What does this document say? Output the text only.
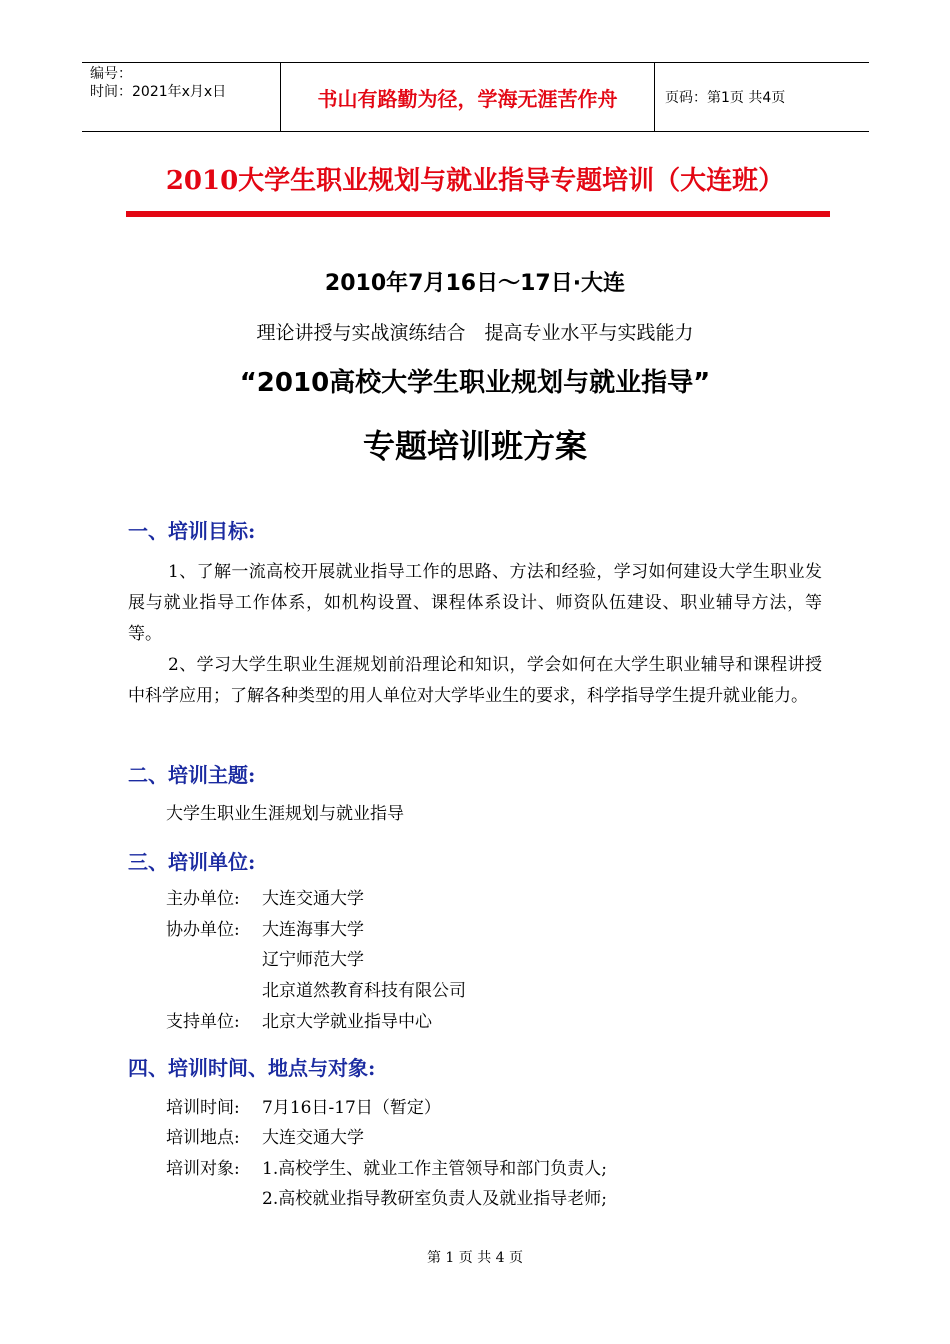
编号：
时间：2021年x月x日	书山有路勤为径，学海无涯苦作舟	页码：第1页 共4页
2010大学生职业规划与就业指导专题培训（大连班）
2010年7月16日～17日·大连
理论讲授与实战演练结合　提高专业水平与实践能力
“2010高校大学生职业规划与就业指导”
专题培训班方案
一、培训目标:
1、了解一流高校开展就业指导工作的思路、方法和经验，学习如何建设大学生职业发展与就业指导工作体系，如机构设置、课程体系设计、师资队伍建设、职业辅导方法，等等。
2、学习大学生职业生涯规划前沿理论和知识，学会如何在大学生职业辅导和课程讲授中科学应用；了解各种类型的用人单位对大学毕业生的要求，科学指导学生提升就业能力。
二、培训主题:
大学生职业生涯规划与就业指导
三、培训单位:
主办单位: 大连交通大学
协办单位: 大连海事大学
辽宁师范大学
北京道然教育科技有限公司
支持单位: 北京大学就业指导中心
四、培训时间、地点与对象:
培训时间: 7月16日-17日（暂定）
培训地点: 大连交通大学
培训对象: 1.高校学生、就业工作主管领导和部门负责人;
2.高校就业指导教研室负责人及就业指导老师;
第 1 页 共 4 页
